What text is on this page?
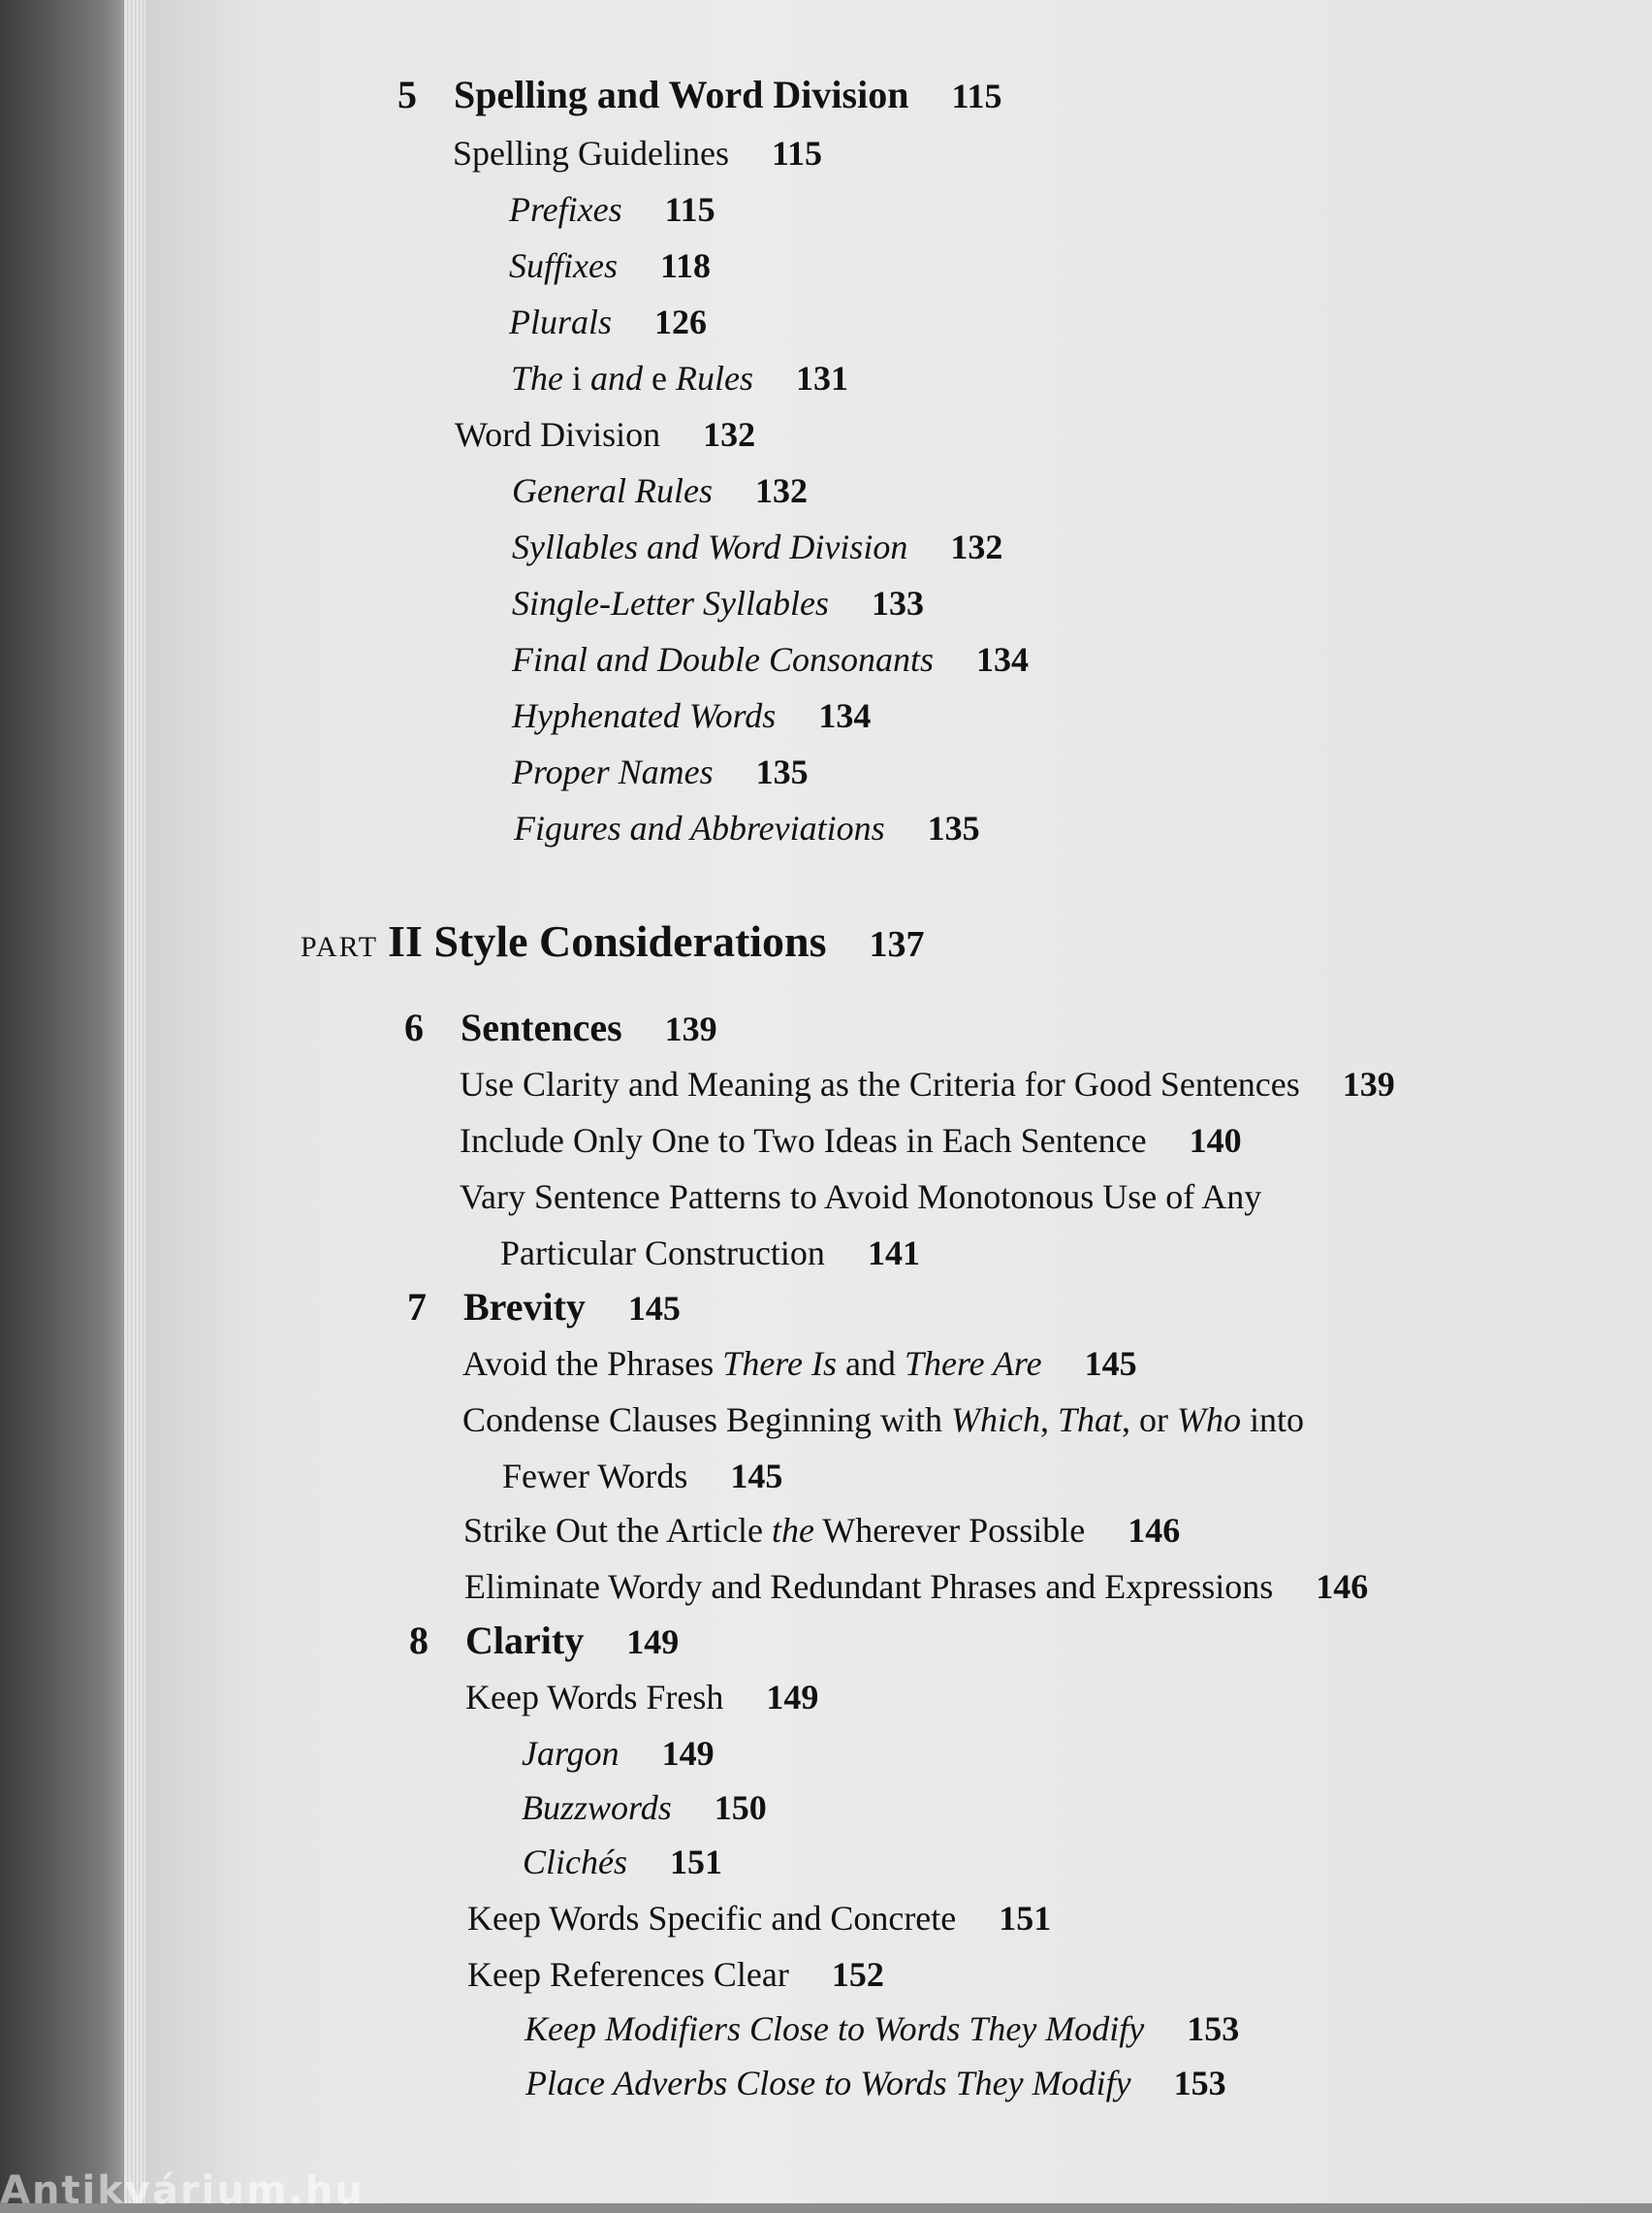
5 Spelling and Word Division 115
Spelling Guidelines 115
Prefixes 115
Suffixes 118
Plurals 126
The i and e Rules 131
Word Division 132
General Rules 132
Syllables and Word Division 132
Single-Letter Syllables 133
Final and Double Consonants 134
Hyphenated Words 134
Proper Names 135
Figures and Abbreviations 135
PART II Style Considerations 137
6 Sentences 139
Use Clarity and Meaning as the Criteria for Good Sentences 139
Include Only One to Two Ideas in Each Sentence 140
Vary Sentence Patterns to Avoid Monotonous Use of Any
Particular Construction 141
7 Brevity 145
Avoid the Phrases There Is and There Are 145
Condense Clauses Beginning with Which, That, or Who into
Fewer Words 145
Strike Out the Article the Wherever Possible 146
Eliminate Wordy and Redundant Phrases and Expressions 146
8 Clarity 149
Keep Words Fresh 149
Jargon 149
Buzzwords 150
Clichés 151
Keep Words Specific and Concrete 151
Keep References Clear 152
Keep Modifiers Close to Words They Modify 153
Place Adverbs Close to Words They Modify 153
Antikvárium.hu
